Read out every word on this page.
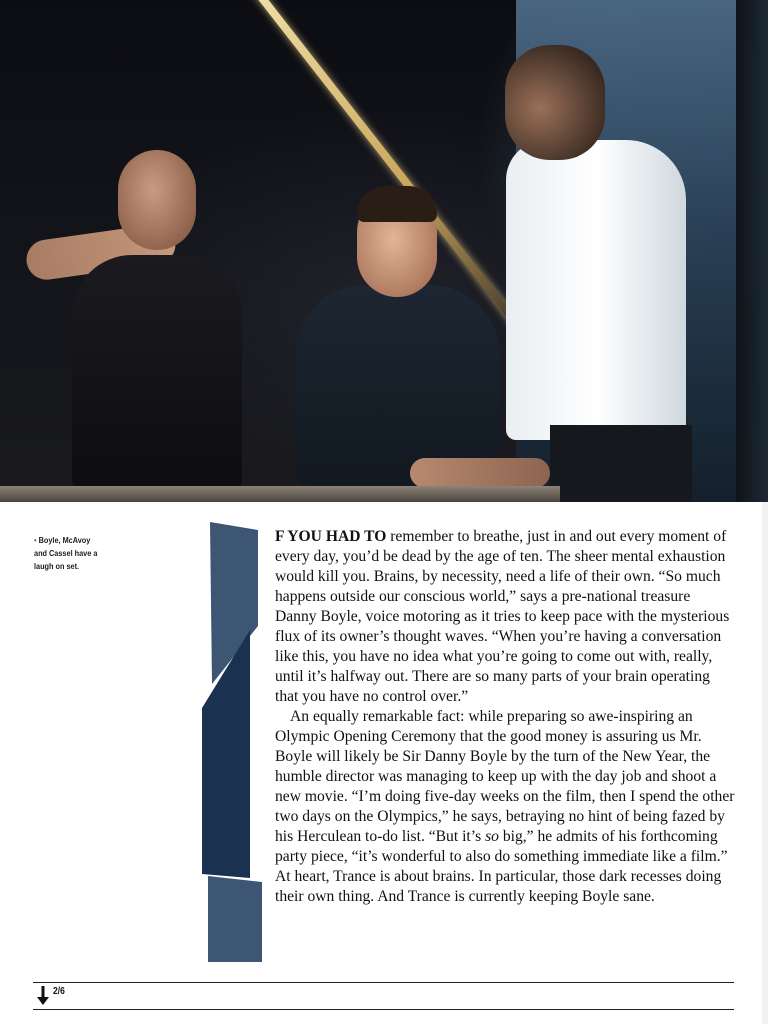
• Boyle, McAvoy and Cassel have a laugh on set.

F YOU HAD TO remember to breathe, just in and out every moment of every day, you’d be dead by the age of ten. The sheer mental exhaustion would kill you. Brains, by necessity, need a life of their own. “So much happens outside our conscious world,” says a pre-national treasure Danny Boyle, voice motoring as it tries to keep pace with the mysterious flux of its owner’s thought waves. “When you’re having a conversation like this, you have no idea what you’re going to come out with, really, until it’s halfway out. There are so many parts of your brain operating that you have no control over.”

An equally remarkable fact: while preparing so awe-inspiring an Olympic Opening Ceremony that the good money is assuring us Mr. Boyle will likely be Sir Danny Boyle by the turn of the New Year, the humble director was managing to keep up with the day job and shoot a new movie. “I’m doing five-day weeks on the film, then I spend the other two days on the Olympics,” he says, betraying no hint of being fazed by his Herculean to-do list. “But it’s so big,” he admits of his forthcoming party piece, “it’s wonderful to also do something immediate like a film.”

At heart, Trance is about brains. In particular, those dark recesses doing their own thing. And Trance is currently keeping Boyle sane.
2/6
